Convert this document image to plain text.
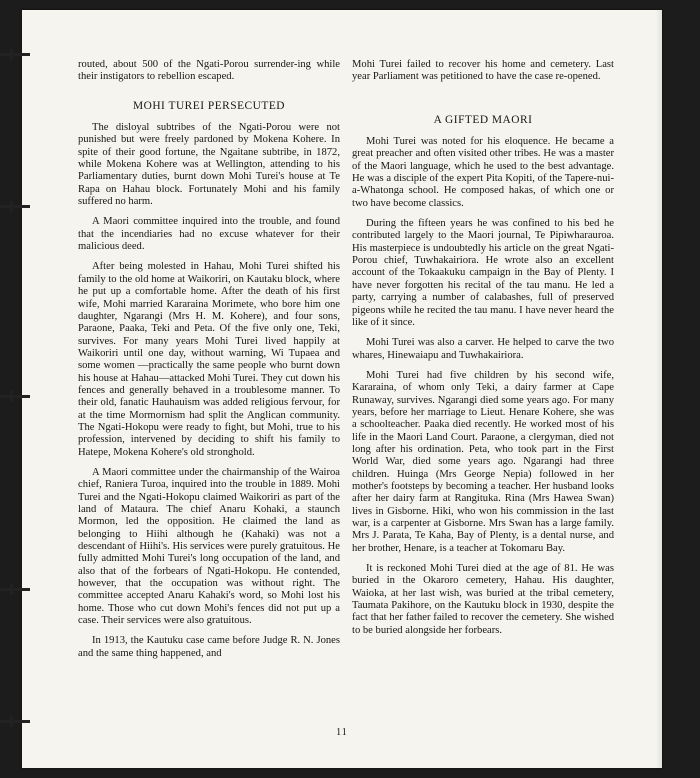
routed, about 500 of the Ngati-Porou surrender-ing while their instigators to rebellion escaped.

MOHI TUREI PERSECUTED

The disloyal subtribes of the Ngati-Porou were not punished but were freely pardoned by Mokena Kohere. In spite of their good fortune, the Ngaitane subtribe, in 1872, while Mokena Kohere was at Wellington, attending to his Parliamentary duties, burnt down Mohi Turei's house at Te Rapa on Hahau block. Fortunately Mohi and his family suffered no harm.

A Maori committee inquired into the trouble, and found that the incendiaries had no excuse whatever for their malicious deed.

After being molested in Hahau, Mohi Turei shifted his family to the old home at Waikoriri, on Kautaku block, where he put up a comfortable home. After the death of his first wife, Mohi married Kararaina Morimete, who bore him one daughter, Ngarangi (Mrs H. M. Kohere), and four sons, Paraone, Paaka, Teki and Peta. Of the five only one, Teki, survives. For many years Mohi Turei lived happily at Waikoriri until one day, without warning, Wi Tupaea and some women —practically the same people who burnt down his house at Hahau—attacked Mohi Turei. They cut down his fences and generally behaved in a troublesome manner. To their old, fanatic Hauhauism was added religious fervour, for at the time Mormornism had split the Anglican community. The Ngati-Hokopu were ready to fight, but Mohi, true to his profession, intervened by deciding to shift his family to Hatepe, Mokena Kohere's old stronghold.

A Maori committee under the chairmanship of the Wairoa chief, Raniera Turoa, inquired into the trouble in 1889. Mohi Turei and the Ngati-Hokopu claimed Waikoriri as part of the land of Mataura. The chief Anaru Kohaki, a staunch Mormon, led the opposition. He claimed the land as belonging to Hiihi although he (Kahaki) was not a descendant of Hiihi's. His services were purely gratuitous. He fully admitted Mohi Turei's long occupation of the land, and also that of the forbears of Ngati-Hokopu. He contended, however, that the occupation was without right. The committee accepted Anaru Kahaki's word, so Mohi lost his home. Those who cut down Mohi's fences did not put up a case. Their services were also gratuitous.

In 1913, the Kautuku case came before Judge R. N. Jones and the same thing happened, and

Mohi Turei failed to recover his home and cemetery. Last year Parliament was petitioned to have the case re-opened.

A GIFTED MAORI

Mohi Turei was noted for his eloquence. He became a great preacher and often visited other tribes. He was a master of the Maori language, which he used to the best advantage. He was a disciple of the expert Pita Kopiti, of the Tapere-nui-a-Whatonga school. He composed hakas, of which one or two have become classics.

During the fifteen years he was confined to his bed he contributed largely to the Maori journal, Te Pipiwharauroa. His masterpiece is undoubtedly his article on the great Ngati-Porou chief, Tuwhakairiora. He wrote also an excellent account of the Tokaakuku campaign in the Bay of Plenty. I have never forgotten his recital of the tau manu. He led a party, carrying a number of calabashes, full of preserved pigeons while he recited the tau manu. I have never heard the like of it since.

Mohi Turei was also a carver. He helped to carve the two whares, Hinewaiapu and Tuwhakairiora.

Mohi Turei had five children by his second wife, Kararaina, of whom only Teki, a dairy farmer at Cape Runaway, survives. Ngarangi died some years ago. For many years, before her marriage to Lieut. Henare Kohere, she was a schoolteacher. Paaka died recently. He worked most of his life in the Maori Land Court. Paraone, a clergyman, died not long after his ordination. Peta, who took part in the First World War, died some years ago. Ngarangi had three children. Huinga (Mrs George Nepia) followed in her mother's footsteps by becoming a teacher. Her husband looks after her dairy farm at Rangituka. Rina (Mrs Hawea Swan) lives in Gisborne. Hiki, who won his commission in the last war, is a carpenter at Gisborne. Mrs Swan has a large family. Mrs J. Parata, Te Kaha, Bay of Plenty, is a dental nurse, and her brother, Henare, is a teacher at Tokomaru Bay.

It is reckoned Mohi Turei died at the age of 81. He was buried in the Okaroro cemetery, Hahau. His daughter, Waioka, at her last wish, was buried at the tribal cemetery, Taumata Pakihore, on the Kautuku block in 1930, despite the fact that her father failed to recover the cemetery. She wished to be buried alongside her forbears.

11
